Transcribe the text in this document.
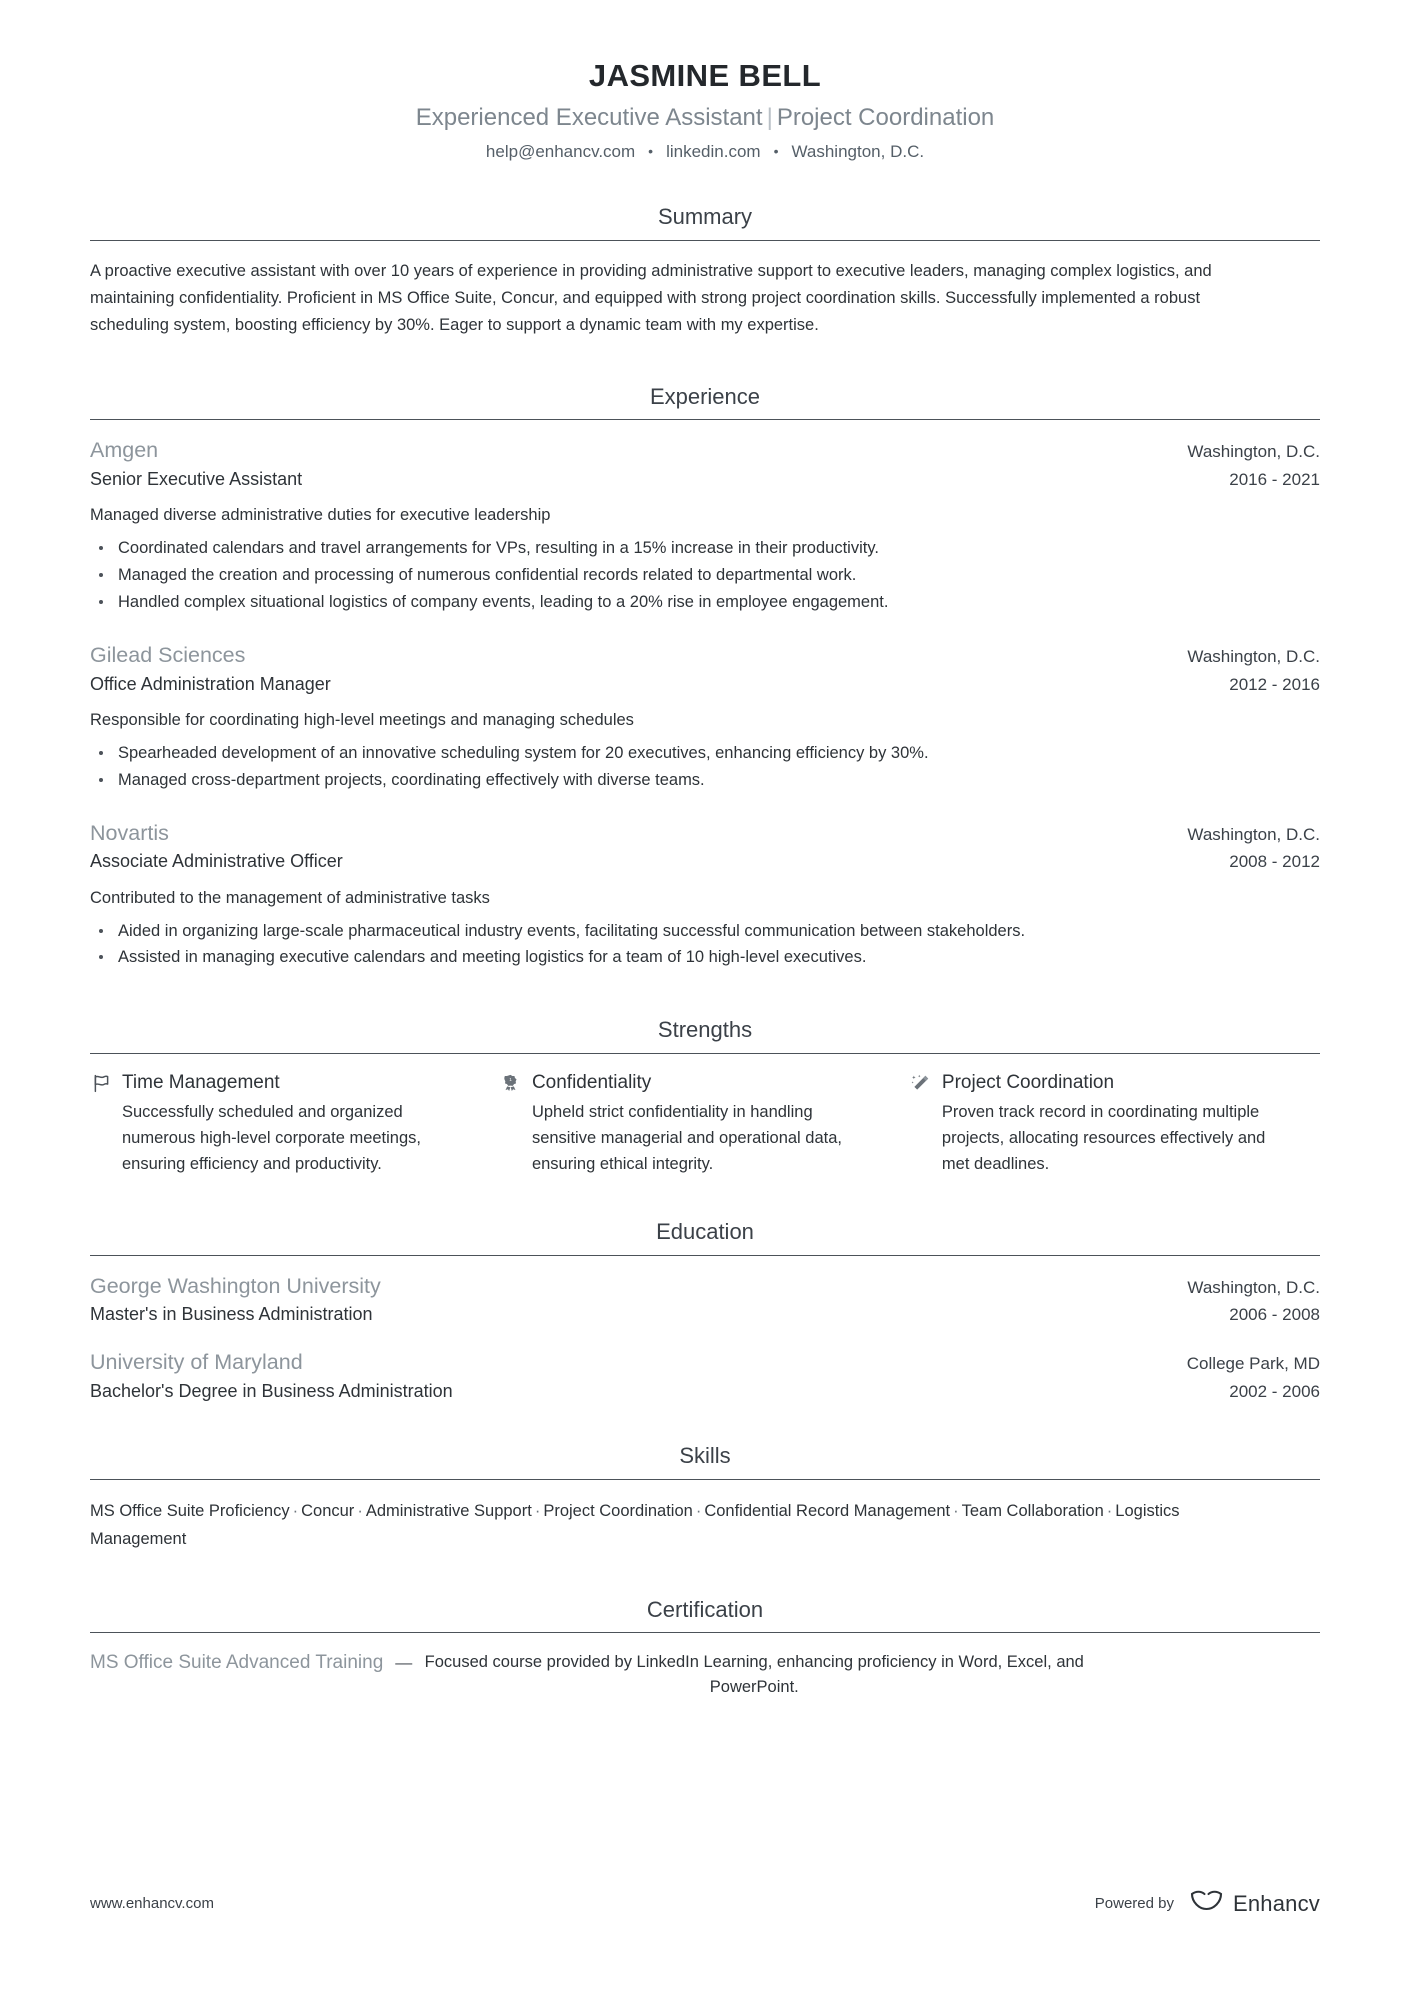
JASMINE BELL
Experienced Executive Assistant | Project Coordination
help@enhancv.com • linkedin.com • Washington, D.C.
Summary

A proactive executive assistant with over 10 years of experience in providing administrative support to executive leaders, managing complex logistics, and maintaining confidentiality. Proficient in MS Office Suite, Concur, and equipped with strong project coordination skills. Successfully implemented a robust scheduling system, boosting efficiency by 30%. Eager to support a dynamic team with my expertise.

Experience
Amgen	Washington, D.C.
Senior Executive Assistant	2016 - 2021
Managed diverse administrative duties for executive leadership
Coordinated calendars and travel arrangements for VPs, resulting in a 15% increase in their productivity.
Managed the creation and processing of numerous confidential records related to departmental work.
Handled complex situational logistics of company events, leading to a 20% rise in employee engagement.
Gilead Sciences	Washington, D.C.
Office Administration Manager	2012 - 2016
Responsible for coordinating high-level meetings and managing schedules
Spearheaded development of an innovative scheduling system for 20 executives, enhancing efficiency by 30%.
Managed cross-department projects, coordinating effectively with diverse teams.
Novartis	Washington, D.C.
Associate Administrative Officer	2008 - 2012
Contributed to the management of administrative tasks
Aided in organizing large-scale pharmaceutical industry events, facilitating successful communication between stakeholders.
Assisted in managing executive calendars and meeting logistics for a team of 10 high-level executives.
Strengths
Time Management
Successfully scheduled and organized numerous high-level corporate meetings, ensuring efficiency and productivity.
1 Confidentiality
Upheld strict confidentiality in handling sensitive managerial and operational data, ensuring ethical integrity.
Project Coordination
Proven track record in coordinating multiple projects, allocating resources effectively and met deadlines.
Education
George Washington University	Washington, D.C.
Master's in Business Administration	2006 - 2008
University of Maryland	College Park, MD
Bachelor's Degree in Business Administration	2002 - 2006
Skills

MS Office Suite Proficiency · Concur · Administrative Support · Project Coordination · Confidential Record Management · Team Collaboration · Logistics Management

Certification
MS Office Suite Advanced Training — Focused course provided by LinkedIn Learning, enhancing proficiency in Word, Excel, and PowerPoint.
www.enhancv.com	Powered by	Enhancv
